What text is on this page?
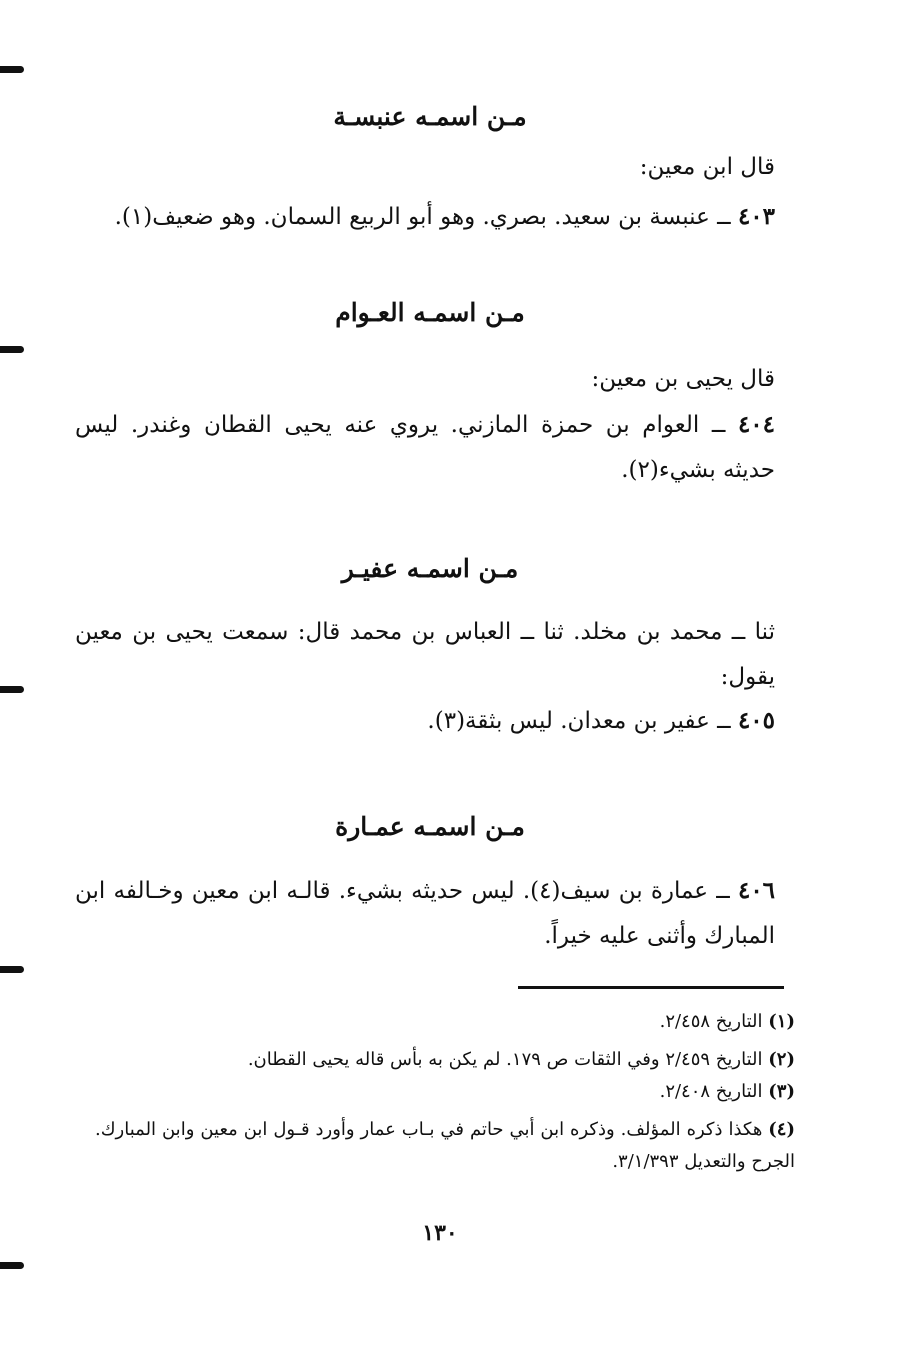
مـن اسمـه عنبسـة
قال ابن معين:
٤٠٣ ــ عنبسة بن سعيد. بصري. وهو أبو الربيع السمان. وهو ضعيف(١).
مـن اسمـه العـوام
قال يحيى بن معين:
٤٠٤ ــ العوام بن حمزة المازني. يروي عنه يحيى القطان وغندر. ليس حديثه بشيء(٢).
مـن اسمـه عفيـر
ثنا ــ محمد بن مخلد. ثنا ــ العباس بن محمد قال: سمعت يحيى بن معين يقول:
٤٠٥ ــ عفير بن معدان. ليس بثقة(٣).
مـن اسمـه عمـارة
٤٠٦ ــ عمارة بن سيف(٤). ليس حديثه بشيء. قالـه ابن معين وخـالفه ابن المبارك وأثنى عليه خيراً.
(١) التاريخ ٢/٤٥٨.
(٢) التاريخ ٢/٤٥٩ وفي الثقات ص ١٧٩. لم يكن به بأس قاله يحيى القطان.
(٣) التاريخ ٢/٤٠٨.
(٤) هكذا ذكره المؤلف. وذكره ابن أبي حاتم في بـاب عمار وأورد قـول ابن معين وابن المبارك. الجرح والتعديل ٣/١/٣٩٣.
١٣٠
